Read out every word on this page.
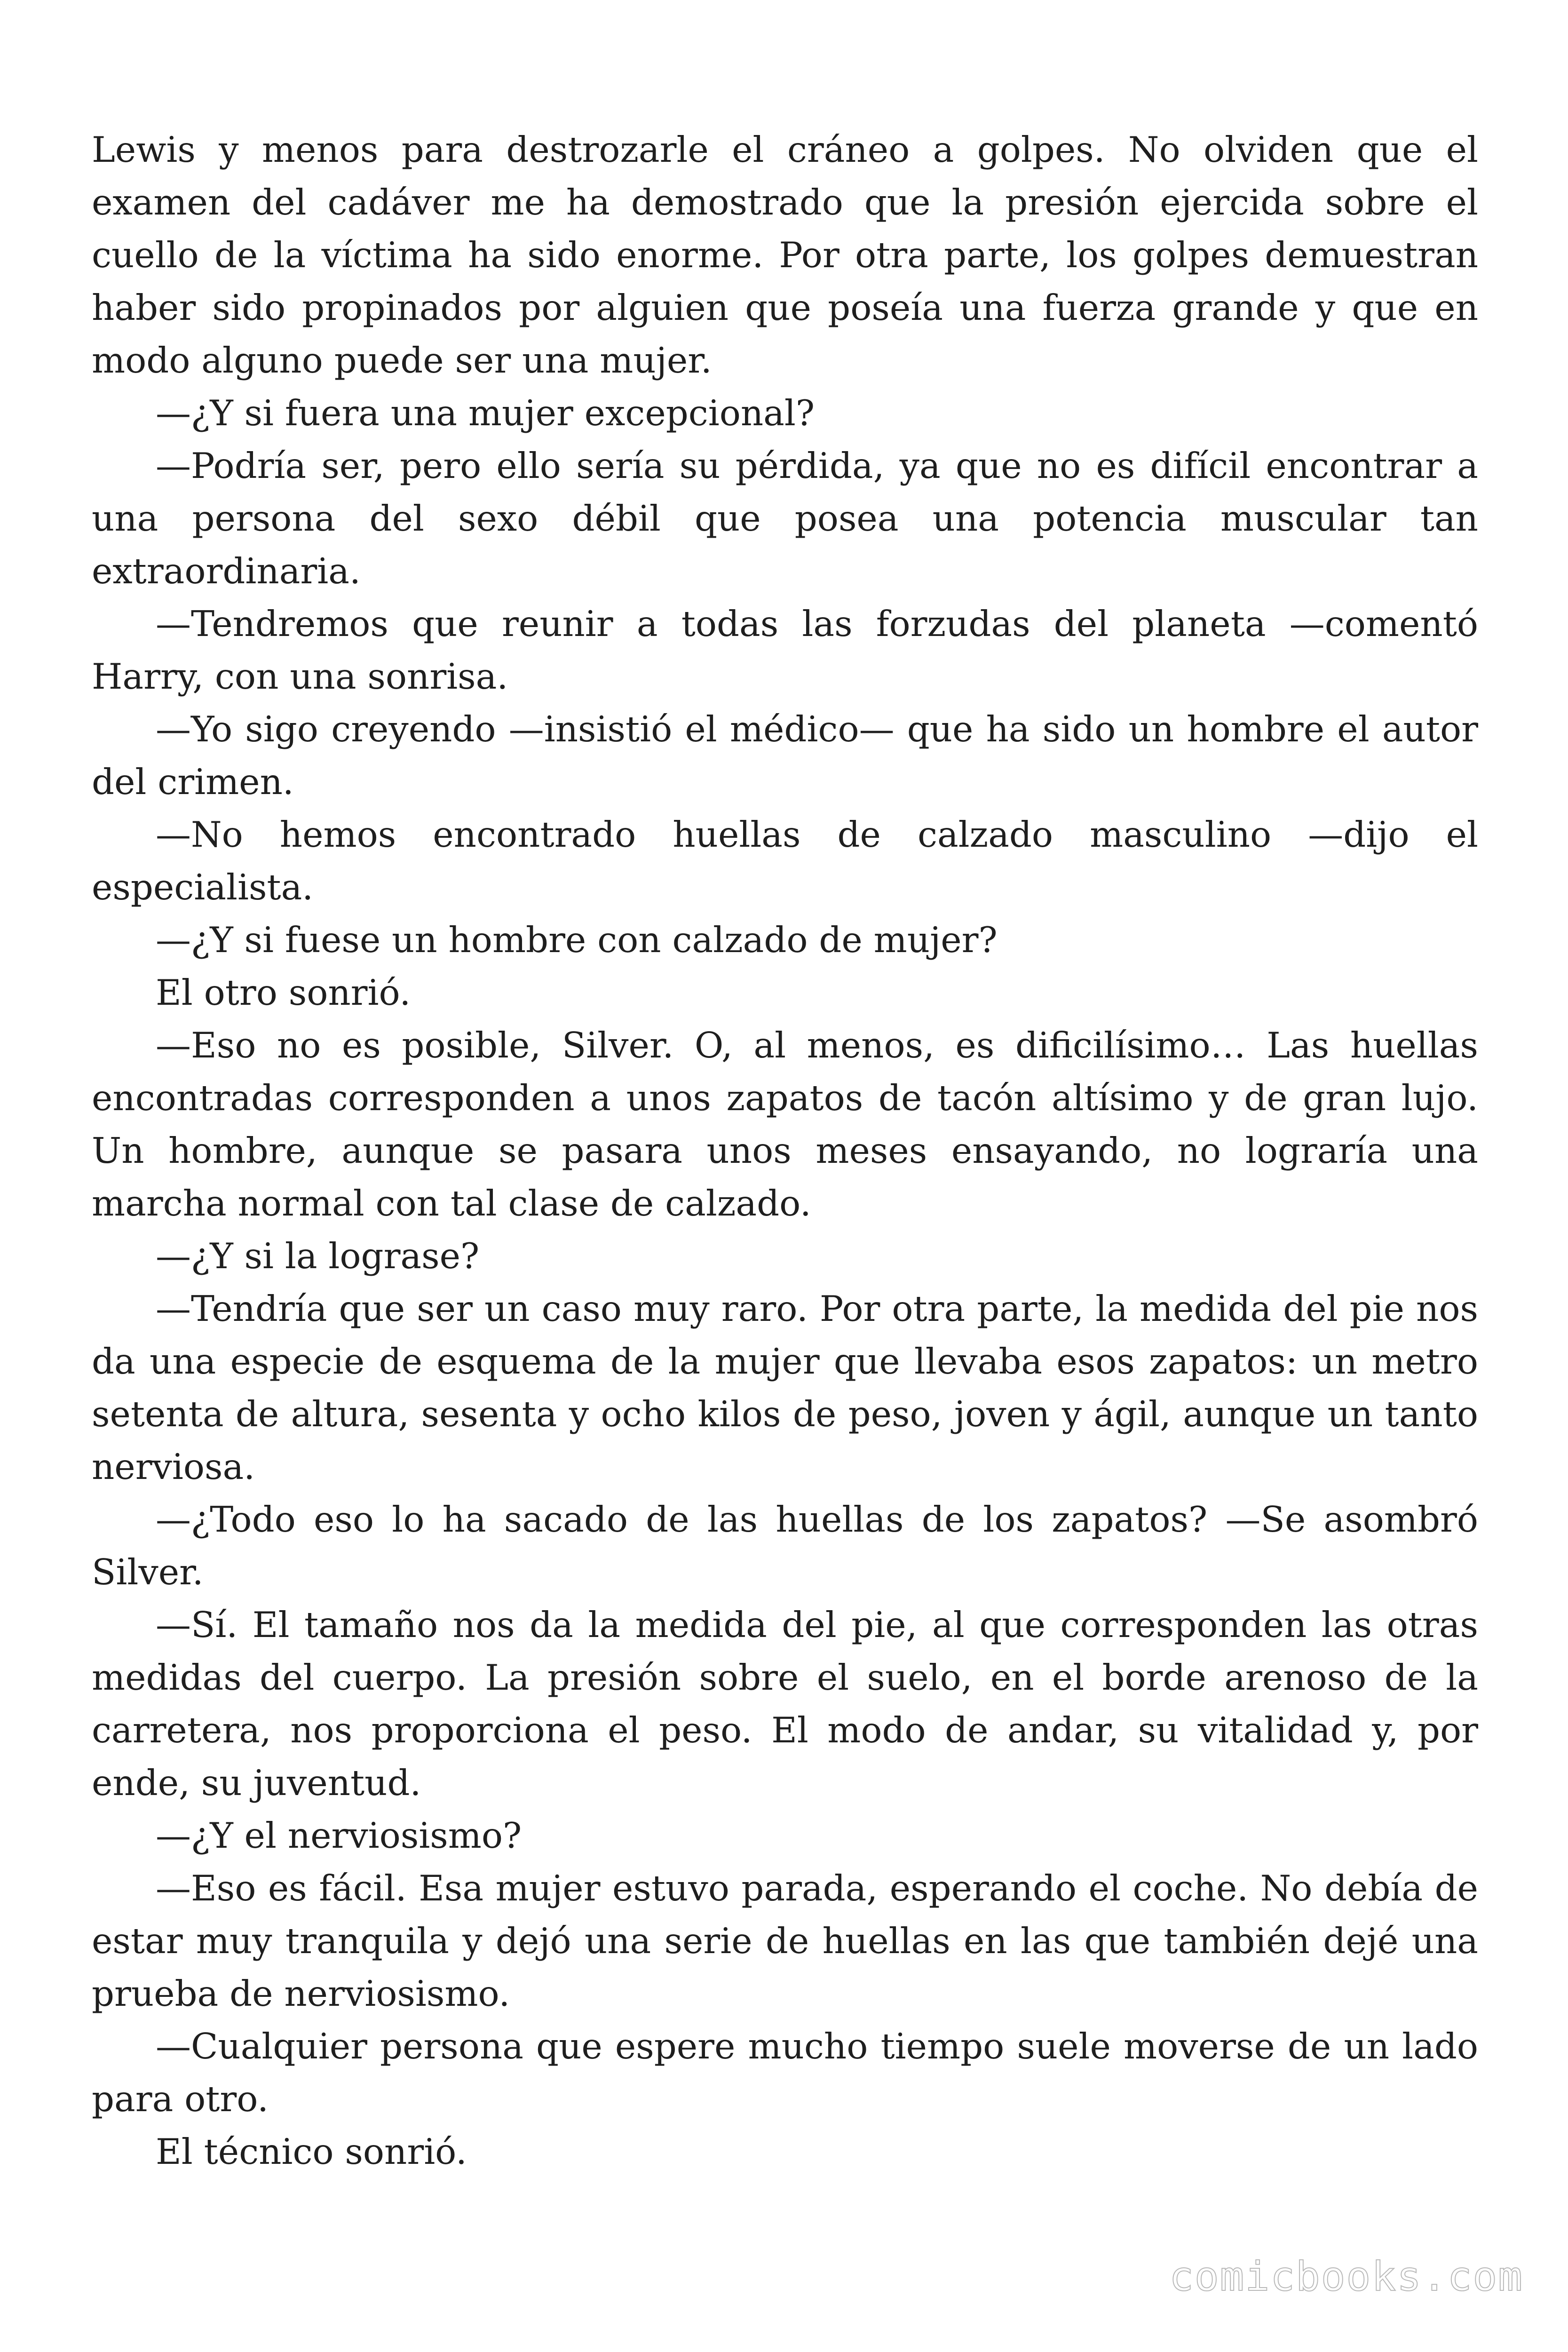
Lewis y menos para destrozarle el cráneo a golpes. No olviden que el examen del cadáver me ha demostrado que la presión ejercida sobre el cuello de la víctima ha sido enorme. Por otra parte, los golpes demuestran haber sido propinados por alguien que poseía una fuerza grande y que en modo alguno puede ser una mujer.

—¿Y si fuera una mujer excepcional?

—Podría ser, pero ello sería su pérdida, ya que no es difícil encontrar a una persona del sexo débil que posea una potencia muscular tan extraordinaria.

—Tendremos que reunir a todas las forzudas del planeta —comentó Harry, con una sonrisa.

—Yo sigo creyendo —insistió el médico— que ha sido un hombre el autor del crimen.

—No hemos encontrado huellas de calzado masculino —dijo el especialista.

—¿Y si fuese un hombre con calzado de mujer?

El otro sonrió.

—Eso no es posible, Silver. O, al menos, es dificilísimo… Las huellas encontradas corresponden a unos zapatos de tacón altísimo y de gran lujo. Un hombre, aunque se pasara unos meses ensayando, no lograría una marcha normal con tal clase de calzado.

—¿Y si la lograse?

—Tendría que ser un caso muy raro. Por otra parte, la medida del pie nos da una especie de esquema de la mujer que llevaba esos zapatos: un metro setenta de altura, sesenta y ocho kilos de peso, joven y ágil, aunque un tanto nerviosa.

—¿Todo eso lo ha sacado de las huellas de los zapatos? —Se asombró Silver.

—Sí. El tamaño nos da la medida del pie, al que corresponden las otras medidas del cuerpo. La presión sobre el suelo, en el borde arenoso de la carretera, nos proporciona el peso. El modo de andar, su vitalidad y, por ende, su juventud.

—¿Y el nerviosismo?

—Eso es fácil. Esa mujer estuvo parada, esperando el coche. No debía de estar muy tranquila y dejó una serie de huellas en las que también dejé una prueba de nerviosismo.

—Cualquier persona que espere mucho tiempo suele moverse de un lado para otro.

El técnico sonrió.

comicbooks.com
